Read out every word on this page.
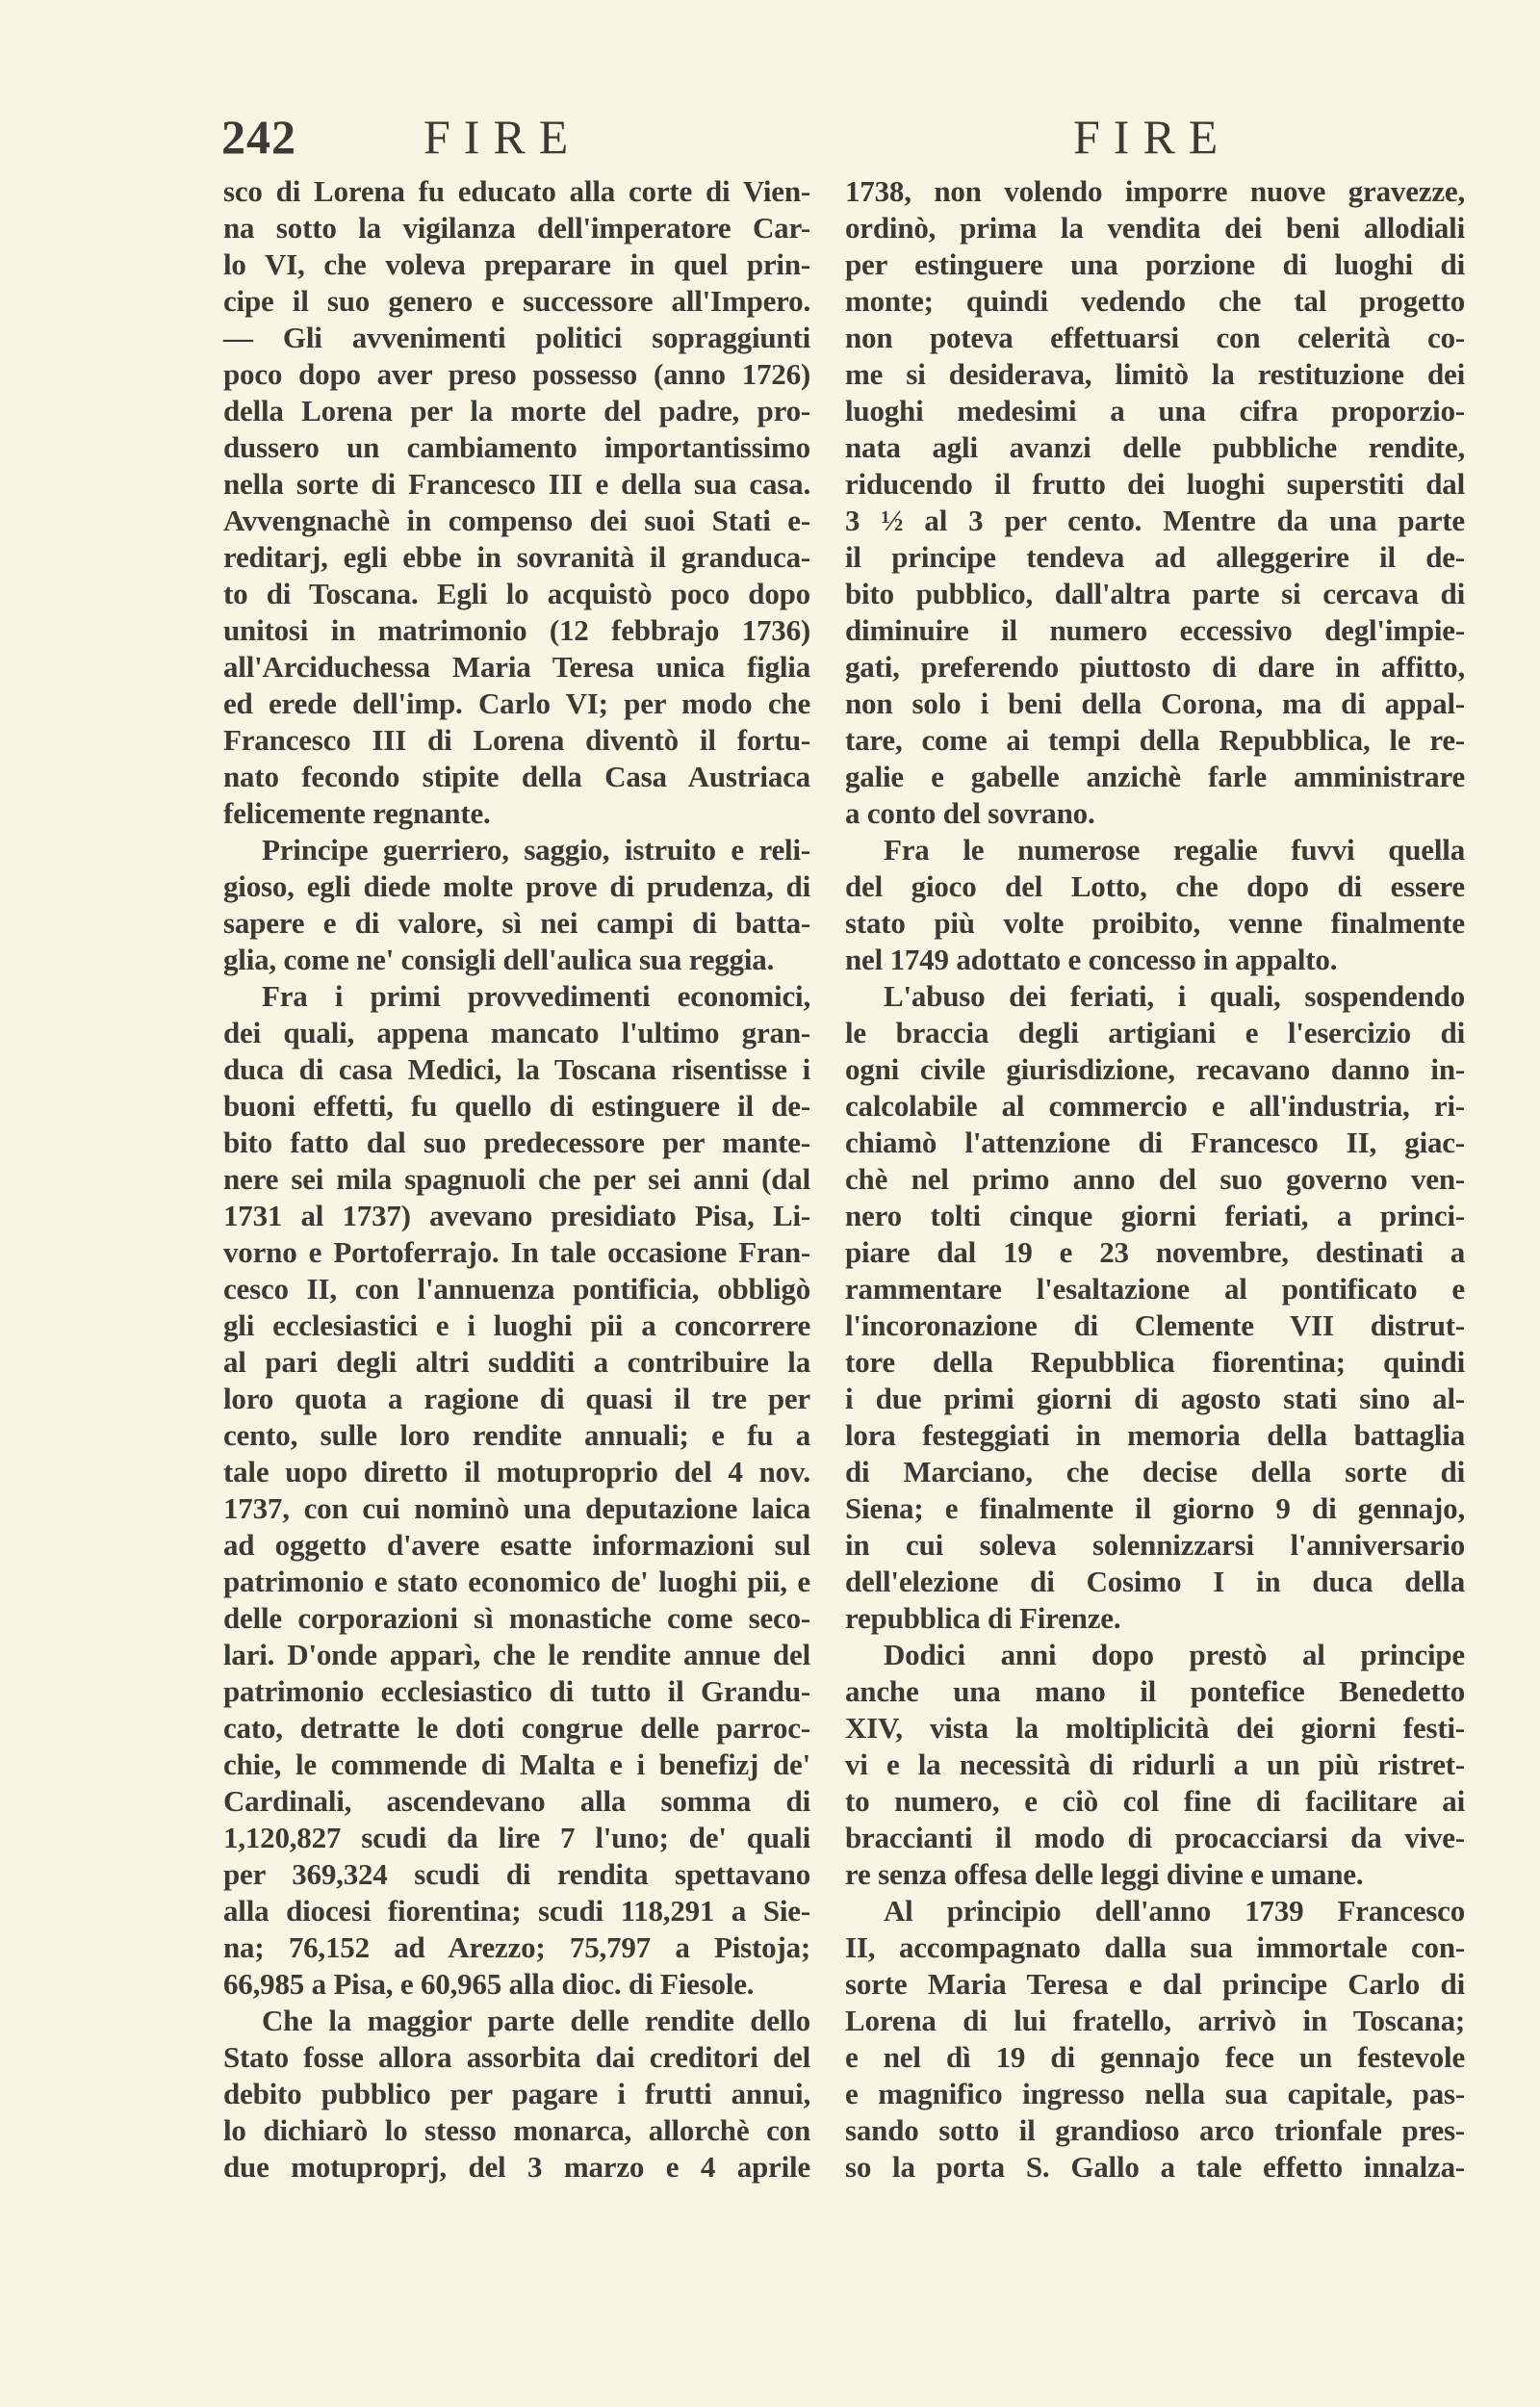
242	FIRE	FIRE
sco di Lorena fu educato alla corte di Vien-
na sotto la vigilanza dell'imperatore Car-
lo VI, che voleva preparare in quel prin-
cipe il suo genero e successore all'Impero.
— Gli avvenimenti politici sopraggiunti
poco dopo aver preso possesso (anno 1726)
della Lorena per la morte del padre, pro-
dussero un cambiamento importantissimo
nella sorte di Francesco III e della sua casa.
Avvengnachè in compenso dei suoi Stati e-
reditarj, egli ebbe in sovranità il granduca-
to di Toscana. Egli lo acquistò poco dopo
unitosi in matrimonio (12 febbrajo 1736)
all'Arciduchessa Maria Teresa unica figlia
ed erede dell'imp. Carlo VI; per modo che
Francesco III di Lorena diventò il fortu-
nato fecondo stipite della Casa Austriaca
felicemente regnante.
Principe guerriero, saggio, istruito e reli-
gioso, egli diede molte prove di prudenza, di
sapere e di valore, sì nei campi di batta-
glia, come ne' consigli dell'aulica sua reggia.
Fra i primi provvedimenti economici,
dei quali, appena mancato l'ultimo gran-
duca di casa Medici, la Toscana risentisse i
buoni effetti, fu quello di estinguere il de-
bito fatto dal suo predecessore per mante-
nere sei mila spagnuoli che per sei anni (dal
1731 al 1737) avevano presidiato Pisa, Li-
vorno e Portoferrajo. In tale occasione Fran-
cesco II, con l'annuenza pontificia, obbligò
gli ecclesiastici e i luoghi pii a concorrere
al pari degli altri sudditi a contribuire la
loro quota a ragione di quasi il tre per
cento, sulle loro rendite annuali; e fu a
tale uopo diretto il motuproprio del 4 nov.
1737, con cui nominò una deputazione laica
ad oggetto d'avere esatte informazioni sul
patrimonio e stato economico de' luoghi pii, e
delle corporazioni sì monastiche come seco-
lari. D'onde apparì, che le rendite annue del
patrimonio ecclesiastico di tutto il Grandu-
cato, detratte le doti congrue delle parroc-
chie, le commende di Malta e i benefizj de'
Cardinali, ascendevano alla somma di
1,120,827 scudi da lire 7 l'uno; de' quali
per 369,324 scudi di rendita spettavano
alla diocesi fiorentina; scudi 118,291 a Sie-
na; 76,152 ad Arezzo; 75,797 a Pistoja;
66,985 a Pisa, e 60,965 alla dioc. di Fiesole.
Che la maggior parte delle rendite dello
Stato fosse allora assorbita dai creditori del
debito pubblico per pagare i frutti annui,
lo dichiarò lo stesso monarca, allorchè con
due motuproprj, del 3 marzo e 4 aprile
1738, non volendo imporre nuove gravezze,
ordinò, prima la vendita dei beni allodiali
per estinguere una porzione di luoghi di
monte; quindi vedendo che tal progetto
non poteva effettuarsi con celerità co-
me si desiderava, limitò la restituzione dei
luoghi medesimi a una cifra proporzio-
nata agli avanzi delle pubbliche rendite,
riducendo il frutto dei luoghi superstiti dal
3 ½ al 3 per cento. Mentre da una parte
il principe tendeva ad alleggerire il de-
bito pubblico, dall'altra parte si cercava di
diminuire il numero eccessivo degl'impie-
gati, preferendo piuttosto di dare in affitto,
non solo i beni della Corona, ma di appal-
tare, come ai tempi della Repubblica, le re-
galie e gabelle anzichè farle amministrare
a conto del sovrano.
Fra le numerose regalie fuvvi quella
del gioco del Lotto, che dopo di essere
stato più volte proibito, venne finalmente
nel 1749 adottato e concesso in appalto.
L'abuso dei feriati, i quali, sospendendo
le braccia degli artigiani e l'esercizio di
ogni civile giurisdizione, recavano danno in-
calcolabile al commercio e all'industria, ri-
chiamò l'attenzione di Francesco II, giac-
chè nel primo anno del suo governo ven-
nero tolti cinque giorni feriati, a princi-
piare dal 19 e 23 novembre, destinati a
rammentare l'esaltazione al pontificato e
l'incoronazione di Clemente VII distrut-
tore della Repubblica fiorentina; quindi
i due primi giorni di agosto stati sino al-
lora festeggiati in memoria della battaglia
di Marciano, che decise della sorte di
Siena; e finalmente il giorno 9 di gennajo,
in cui soleva solennizzarsi l'anniversario
dell'elezione di Cosimo I in duca della
repubblica di Firenze.
Dodici anni dopo prestò al principe
anche una mano il pontefice Benedetto
XIV, vista la moltiplicità dei giorni festi-
vi e la necessità di ridurli a un più ristret-
to numero, e ciò col fine di facilitare ai
braccianti il modo di procacciarsi da vive-
re senza offesa delle leggi divine e umane.
Al principio dell'anno 1739 Francesco
II, accompagnato dalla sua immortale con-
sorte Maria Teresa e dal principe Carlo di
Lorena di lui fratello, arrivò in Toscana;
e nel dì 19 di gennajo fece un festevole
e magnifico ingresso nella sua capitale, pas-
sando sotto il grandioso arco trionfale pres-
so la porta S. Gallo a tale effetto innalza-
